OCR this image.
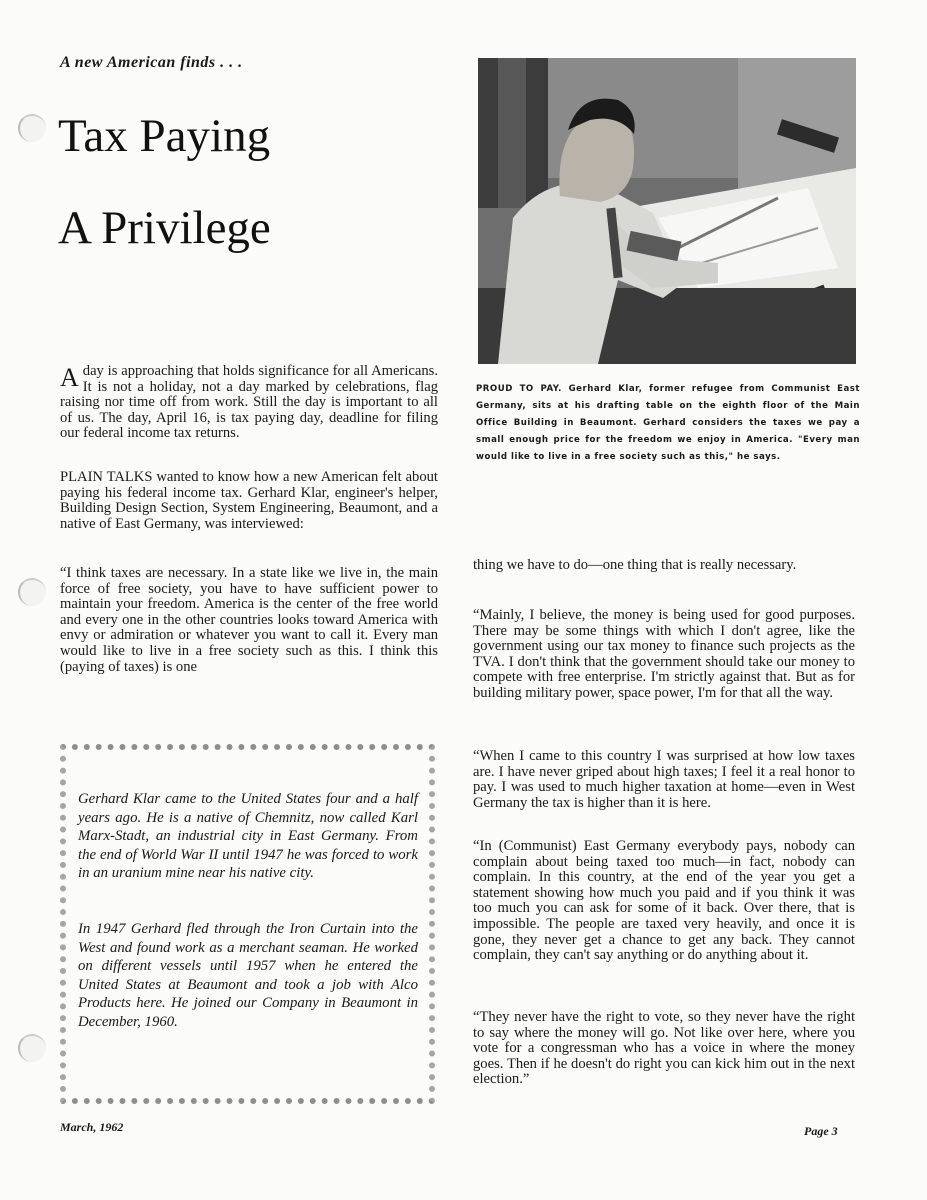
A new American finds . . .
Tax Paying
A Privilege

PROUD TO PAY. Gerhard Klar, former refugee from Communist East Germany, sits at his drafting table on the eighth floor of the Main Office Building in Beaumont. Gerhard considers the taxes we pay a small enough price for the freedom we enjoy in America. "Every man would like to live in a free society such as this," he says.

A day is approaching that holds significance for all Americans. It is not a holiday, not a day marked by celebrations, flag raising nor time off from work. Still the day is important to all of us. The day, April 16, is tax paying day, deadline for filing our federal income tax returns.

PLAIN TALKS wanted to know how a new American felt about paying his federal income tax. Gerhard Klar, engineer's helper, Building Design Section, System Engineering, Beaumont, and a native of East Germany, was interviewed:

“I think taxes are necessary. In a state like we live in, the main force of free society, you have to have sufficient power to maintain your freedom. America is the center of the free world and every one in the other countries looks toward America with envy or admiration or whatever you want to call it. Every man would like to live in a free society such as this. I think this (paying of taxes) is one

Gerhard Klar came to the United States four and a half years ago. He is a native of Chemnitz, now called Karl Marx-Stadt, an industrial city in East Germany. From the end of World War II until 1947 he was forced to work in an uranium mine near his native city.

In 1947 Gerhard fled through the Iron Curtain into the West and found work as a merchant seaman. He worked on different vessels until 1957 when he entered the United States at Beaumont and took a job with Alco Products here. He joined our Company in Beaumont in December, 1960.

thing we have to do—one thing that is really necessary.

“Mainly, I believe, the money is being used for good purposes. There may be some things with which I don't agree, like the government using our tax money to finance such projects as the TVA. I don't think that the government should take our money to compete with free enterprise. I'm strictly against that. But as for building military power, space power, I'm for that all the way.

“When I came to this country I was surprised at how low taxes are. I have never griped about high taxes; I feel it a real honor to pay. I was used to much higher taxation at home—even in West Germany the tax is higher than it is here.

“In (Communist) East Germany everybody pays, nobody can complain about being taxed too much—in fact, nobody can complain. In this country, at the end of the year you get a statement showing how much you paid and if you think it was too much you can ask for some of it back. Over there, that is impossible. The people are taxed very heavily, and once it is gone, they never get a chance to get any back. They cannot complain, they can't say anything or do anything about it.

“They never have the right to vote, so they never have the right to say where the money will go. Not like over here, where you vote for a congressman who has a voice in where the money goes. Then if he doesn't do right you can kick him out in the next election.”

March, 1962	Page 3
